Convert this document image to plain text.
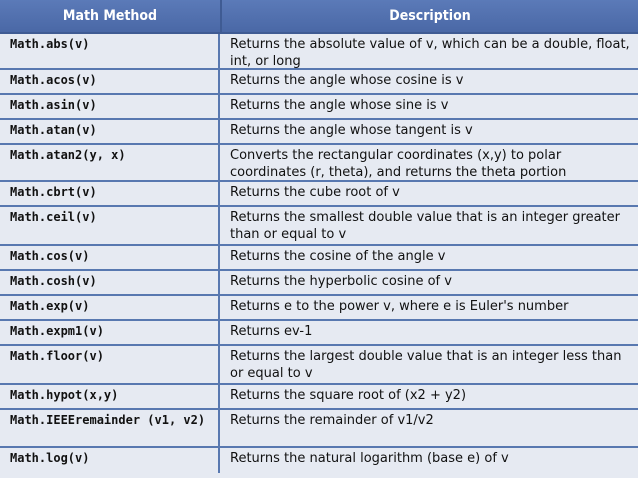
Math Method	Description
Math.abs(v)	Returns the absolute value of v, which can be a double, float, int, or long
Math.acos(v)	Returns the angle whose cosine is v
Math.asin(v)	Returns the angle whose sine is v
Math.atan(v)	Returns the angle whose tangent is v
Math.atan2(y, x)	Converts the rectangular coordinates (x,y) to polar coordinates (r, theta), and returns the theta portion
Math.cbrt(v)	Returns the cube root of v
Math.ceil(v)	Returns the smallest double value that is an integer greater than or equal to v
Math.cos(v)	Returns the cosine of the angle v
Math.cosh(v)	Returns the hyperbolic cosine of v
Math.exp(v)	Returns e to the power v, where e is Euler's number
Math.expm1(v)	Returns ev-1
Math.floor(v)	Returns the largest double value that is an integer less than or equal to v
Math.hypot(x,y)	Returns the square root of (x2 + y2)
Math.IEEEremainder (v1, v2)	Returns the remainder of v1/v2
Math.log(v)	Returns the natural logarithm (base e) of v
